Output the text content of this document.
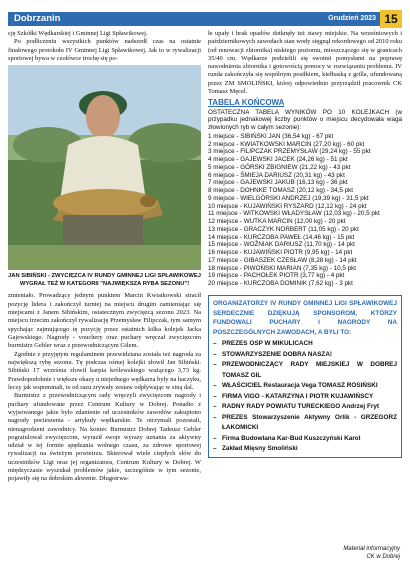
Dobrzanin	Grudzień 2023 15

cję Szkółki Wędkarskiej i Gminnej Ligi Spławikowej.

Po podliczeniu wszystkich punktów nadszedł czas na ostatnie finałowego protokołu IV Gminnej Ligi Spławikowej. Jak to w rywalizacji sportowej bywa w czołówce trochę się po-

JAN SIBIŃSKI - ZWYCIĘZCA IV RUNDY GMINNEJ LIGI SPŁAWIKOWEJ WYGRAŁ TEŻ W KATEGORII "NAJWIĘKSZA RYBA SEZONU"!

zmieniało. Prowadzący jednym punktem Marcin Kwiatkowski stracił pozycję lidera i zakończył turniej na miejscu drugim zamieniając się miejscami z Janem Sibińskim, ostatecznym zwycięzcą sezonu 2023. Na miejscu trzecim zakończył rywalizację Przemysław Filipczak, tym samym spychając zajmującego tę pozycję przez ostatnich kilka kolejek Jacka Gajewskiego. Nagrody - vouchery oraz puchary wręczał zwycięzcom burmistrz Gebler wraz z przewodniczącym Gilem.

Zgodnie z przyjętym regulaminem przewidziana została też nagroda za największą rybę sezonu. Tę podczas ośmej kolejki złowił Jan Sibiński. Sibiński 17 września złowił karpia królewskiego ważącego 3,73 kg. Prawdopodobnie i większe okazy u niejednego wędkarza były na haczyku, leczy jak wspominali, te od razu zrywały zestaw odpływając w siną dal.

Burmistrz z przewodniczącym rady wręczyli zwycięzcom nagrody i puchary ufundowane przez Centrum Kultury w Dobrej. Ponadto z wyjsowanego jakie było zdanienie od uczestników zawodów zakupiono nagrody pocieszenia - artykuły wędkarskie. Te otrzymali pozostali, nienagrodzeni zawodnicy. Na koniec Burmistrz Dobrej Tadeusz Gebler pogratulował zwycięzcom, wyraził swoje wyrazy uznania za aktywny udział w tej formie spędzania wolnego czasu, za zdrowe sportowej rywalizacji na świeżym powietrzu. Skierował wiele ciepłych słów do uczestników Ligi oraz jej organizatora, Centrum Kultury w Dobrej. W międzyczasie wyszukał problemów jakie, szczególnie w tym sezonie, pojawiły się na dobrskim akwenie. Długotrwa-

łe upały i brak opadów dotknęły też stawy miejskie. Na wrześniowych i październikowych zawodach stan wody sięgnął rekordowego od 2010 roku (od renowacji zbiornika) niskiego poziomu, mieszczącego się w granicach 35/40 cm. Wędkarze podzielili się swoimi pomysłami na poprawę nawodnienia zbiornika i gotowością pomocy w rozwiązaniu problemu. IV runda zakończyła się wspólnym posiłkiem, kiełbaską z grilla, ufundowaną przez ZM SMOLIŃSKI, której odpowiednio przyrządził pracownik CK Tomasz Męcel.

TABELA KOŃCOWA

OSTATECZNA TABELA WYNIKÓW PO 10 KOLEJKACH (w przypadku jednakowej liczby punktów o miejscu decydowała waga złowionych ryb w całym sezonie):

1 miejsce - SIBIŃSKI JAN (36,54 kg) - 67 pkt
2 miejsce - KWIATKOWSKI MARCIN (27,20 kg) - 60 pkt
3 miejsce - FILIPCZAK PRZEMYSŁAW (29,24 kg) - 55 pkt
4 miejsce - GAJEWSKI JACEK (24,26 kg) - 51 pkt
5 miejsce - GÓRSKI ZBIGNIEW (21,22 kg) - 43 pkt
6 miejsce - ŚMIEJA DARIUSZ (20,31 kg) - 43 pkt
7 miejsce - GAJEWSKI JAKUB (16,13 kg) - 36 pkt
8 miejsce - DOHNKE TOMASZ (20,12 kg) - 34,5 pkt
9 miejsce - WIELGÓRSKI ANDRZEJ (19,39 kg) - 31,5 pkt
10 miejsce - KUJAWIŃSKI RYSZARD (12,12 kg) - 24 pkt
11 miejsce - WITKOWSKI WŁADYSŁAW (12,03 kg) - 20,5 pkt
12 miejsce - WUTKA MARCIN (12,00 kg) - 20 pkt
13 miejsce - GRACZYK NORBERT (11,05 kg) - 20 pkt
14 miejsce - KURCZOBA PAWEŁ (14,46 kg) - 15 pkt
15 miejsce - WOŹNIAK DARIUSZ (11,70 kg) - 14 pkt
16 miejsce - KUJAWIŃSKI PIOTR (9,95 kg) - 14 pkt
17 miejsce - GIBASZEK CZESŁAW (8,28 kg) - 14 pkt
18 miejsce - PIWOŃSKI MARIAN (7,35 kg) - 10,5 pkt
19 miejsce - PACHOŁEK PIOTR (3,77 kg) - 4 pkt
20 miejsce - KURCZOBA DOMINIK (7,62 kg) - 3 pkt
ORGANIZATORZY IV RUNDY GMINNEJ LIGI SPŁAWIKOWEJ SERDECZNIE DZIĘKUJĄ SPONSOROM, KTÓRZY FUNDOWALI PUCHARY I NAGRODY NA POSZCZEGÓLNYCH ZAWODACH, A BYLI TO:
– PREZES OSP W MIKULICACH
– STOWARZYSZENIE DOBRA NASZA!
– PRZEWODNICZĄCY RADY MIEJSKIEJ W DOBREJ TOMASZ GIL
– WŁAŚCICIEL Restauracja Vega TOMASZ ROSIŃSKI
– FIRMA VIGO - KATARZYNA I PIOTR KUJAWIŃSCY
– RADNY RADY POWIATU TURECKIEGO Andrzej Fryt
– PREZES Stowarzyszenie Aktywny Orlik - GRZEGORZ ŁAKOMICKI
– Firma Budowlana Kar-Bud Kuszczyński Karol
– Zakład Mięsny Smoliński
Materiał informacyjny
CK w Dobrej
